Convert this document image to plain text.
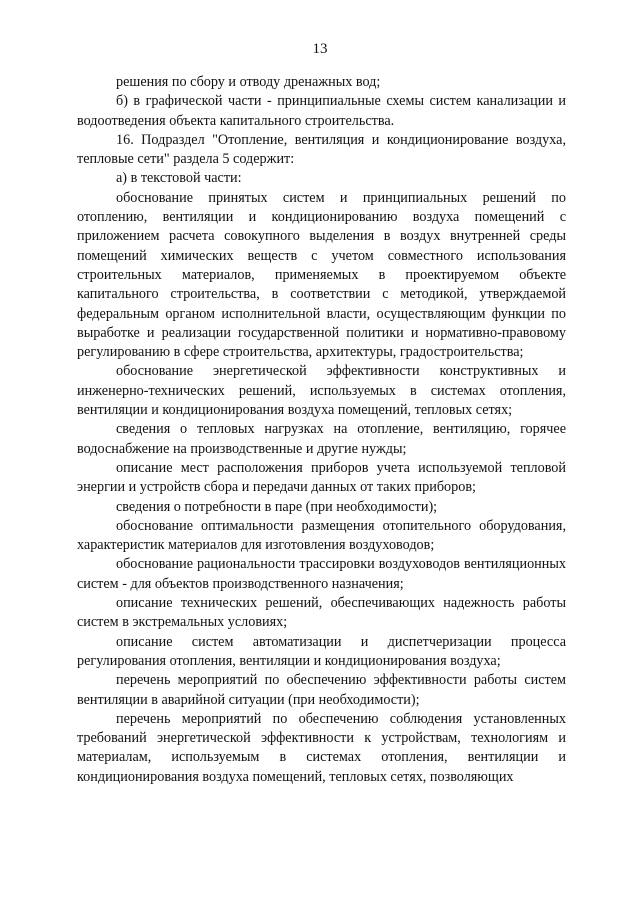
13

решения по сбору и отводу дренажных вод;

б) в графической части - принципиальные схемы систем канализации и водоотведения объекта капитального строительства.

16. Подраздел "Отопление, вентиляция и кондиционирование воздуха, тепловые сети" раздела 5 содержит:

а) в текстовой части:

обоснование принятых систем и принципиальных решений по отоплению, вентиляции и кондиционированию воздуха помещений с приложением расчета совокупного выделения в воздух внутренней среды помещений химических веществ с учетом совместного использования строительных материалов, применяемых в проектируемом объекте капитального строительства, в соответствии с методикой, утверждаемой федеральным органом исполнительной власти, осуществляющим функции по выработке и реализации государственной политики и нормативно-правовому регулированию в сфере строительства, архитектуры, градостроительства;

обоснование энергетической эффективности конструктивных и инженерно-технических решений, используемых в системах отопления, вентиляции и кондиционирования воздуха помещений, тепловых сетях;

сведения о тепловых нагрузках на отопление, вентиляцию, горячее водоснабжение на производственные и другие нужды;

описание мест расположения приборов учета используемой тепловой энергии и устройств сбора и передачи данных от таких приборов;

сведения о потребности в паре (при необходимости);

обоснование оптимальности размещения отопительного оборудования, характеристик материалов для изготовления воздуховодов;

обоснование рациональности трассировки воздуховодов вентиляционных систем - для объектов производственного назначения;

описание технических решений, обеспечивающих надежность работы систем в экстремальных условиях;

описание систем автоматизации и диспетчеризации процесса регулирования отопления, вентиляции и кондиционирования воздуха;

перечень мероприятий по обеспечению эффективности работы систем вентиляции в аварийной ситуации (при необходимости);

перечень мероприятий по обеспечению соблюдения установленных требований энергетической эффективности к устройствам, технологиям и материалам, используемым в системах отопления, вентиляции и кондиционирования воздуха помещений, тепловых сетях, позволяющих
